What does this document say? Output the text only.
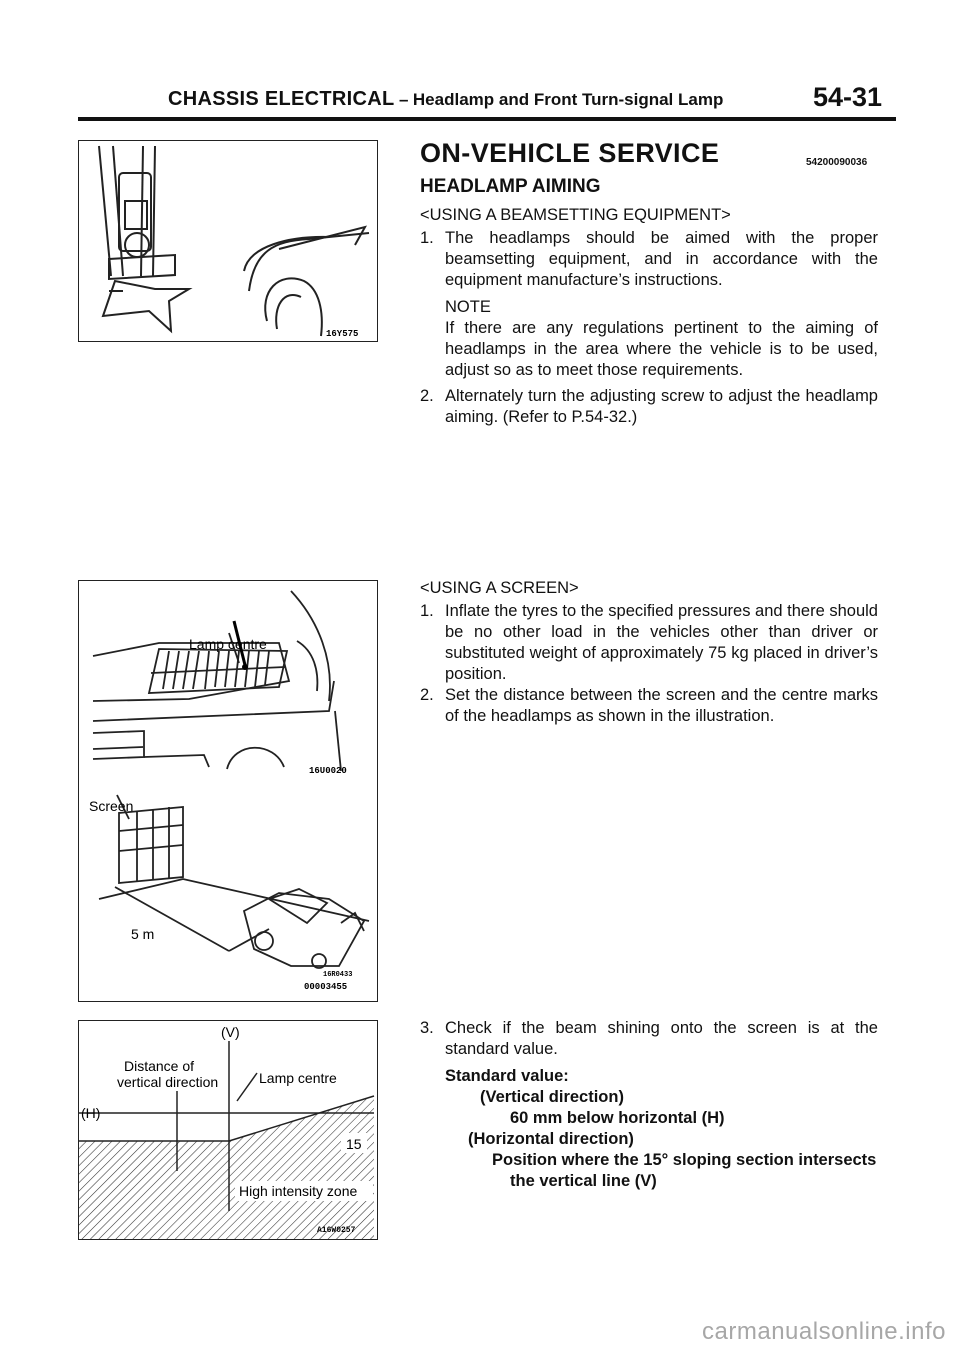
CHASSIS ELECTRICAL – Headlamp and Front Turn-signal Lamp	54-31
16Y575
Lamp centre
16U0020
Screen
5 m
16R0433
00003455
(V)
Distance of
vertical direction	Lamp centre
(H)
15
High intensity zone
A16W0257
ON-VEHICLE SERVICE	54200090036
HEADLAMP AIMING
<USING A BEAMSETTING EQUIPMENT>
1. The headlamps should be aimed with the proper beamsetting equipment, and in accordance with the equipment manufacture’s instructions.
NOTE
If there are any regulations pertinent to the aiming of headlamps in the area where the vehicle is to be used, adjust so as to meet those requirements.
2. Alternately turn the adjusting screw to adjust the headlamp aiming. (Refer to P.54-32.)
<USING A SCREEN>
1. Inflate the tyres to the specified pressures and there should be no other load in the vehicles other than driver or substituted weight of approximately 75 kg placed in driver’s position.
2. Set the distance between the screen and the centre marks of the headlamps as shown in the illustration.
3. Check if the beam shining onto the screen is at the standard value.
Standard value:
(Vertical direction)
60 mm below horizontal (H)
(Horizontal direction)
Position where the 15° sloping section intersects
the vertical line (V)
carmanualsonline.info
